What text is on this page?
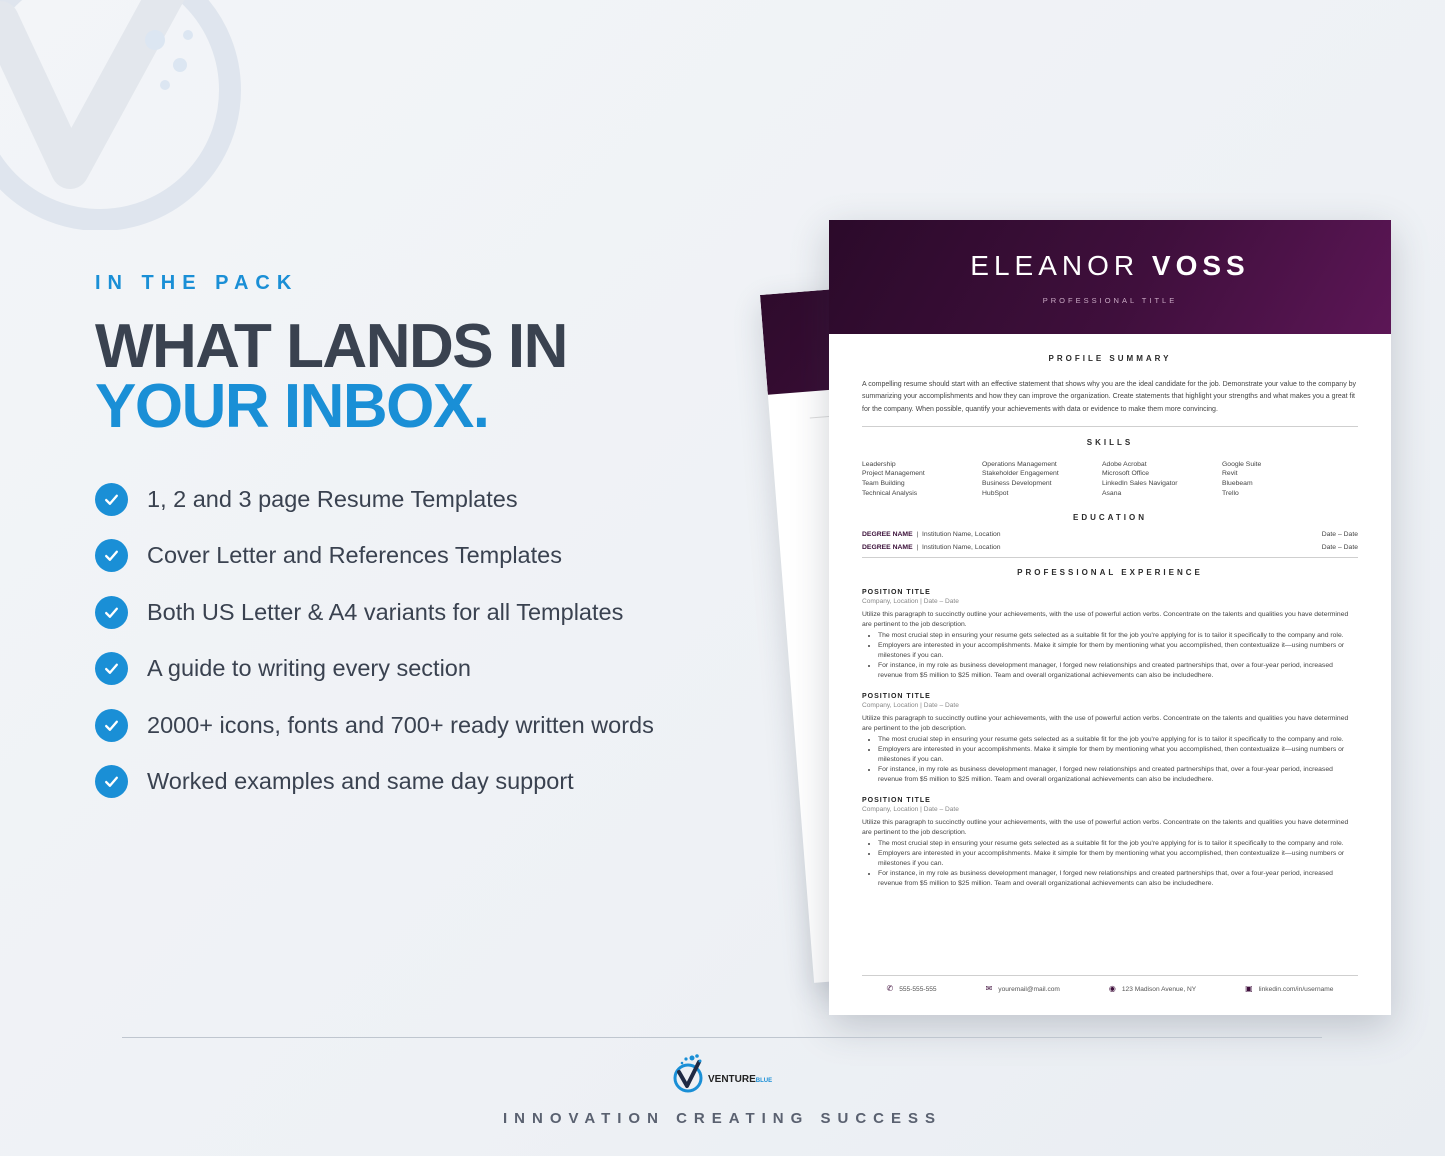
IN THE PACK
WHAT LANDS IN
YOUR INBOX.
1, 2 and 3 page Resume Templates
Cover Letter and References Templates
Both US Letter & A4 variants for all Templates
A guide to writing every section
2000+ icons, fonts and 700+ ready written words
Worked examples and same day support
ELEANOR VOSS
PROFESSIONAL TITLE
PROFILE SUMMARY

A compelling resume should start with an effective statement that shows why you are the ideal candidate for the job. Demonstrate your value to the company by summarizing your accomplishments and how they can improve the organization. Create statements that highlight your strengths and what makes you a great fit for the company. When possible, quantify your achievements with data or evidence to make them more convincing.

SKILLS
Leadership	Operations Management	Adobe Acrobat	Google Suite
Project Management	Stakeholder Engagement	Microsoft Office	Revit
Team Building	Business Development	LinkedIn Sales Navigator	Bluebeam
Technical Analysis	HubSpot	Asana	Trello
EDUCATION
DEGREE NAME  |  Institution Name, Location	Date – Date
DEGREE NAME  |  Institution Name, Location	Date – Date
PROFESSIONAL EXPERIENCE
POSITION TITLE
Company, Location | Date – Date
Utilize this paragraph to succinctly outline your achievements, with the use of powerful action verbs. Concentrate on the talents and qualities you have determined are pertinent to the job description.
• The most crucial step in ensuring your resume gets selected as a suitable fit for the job you're applying for is to tailor it specifically to the company and role.
• Employers are interested in your accomplishments. Make it simple for them by mentioning what you accomplished, then contextualize it—using numbers or milestones if you can.
• For instance, in my role as business development manager, I forged new relationships and created partnerships that, over a four-year period, increased revenue from $5 million to $25 million. Team and overall organizational achievements can also be includedhere.
POSITION TITLE
Company, Location | Date – Date
Utilize this paragraph to succinctly outline your achievements, with the use of powerful action verbs. Concentrate on the talents and qualities you have determined are pertinent to the job description.
• The most crucial step in ensuring your resume gets selected as a suitable fit for the job you're applying for is to tailor it specifically to the company and role.
• Employers are interested in your accomplishments. Make it simple for them by mentioning what you accomplished, then contextualize it—using numbers or milestones if you can.
• For instance, in my role as business development manager, I forged new relationships and created partnerships that, over a four-year period, increased revenue from $5 million to $25 million. Team and overall organizational achievements can also be includedhere.
POSITION TITLE
Company, Location | Date – Date
Utilize this paragraph to succinctly outline your achievements, with the use of powerful action verbs. Concentrate on the talents and qualities you have determined are pertinent to the job description.
• The most crucial step in ensuring your resume gets selected as a suitable fit for the job you're applying for is to tailor it specifically to the company and role.
• Employers are interested in your accomplishments. Make it simple for them by mentioning what you accomplished, then contextualize it—using numbers or milestones if you can.
• For instance, in my role as business development manager, I forged new relationships and created partnerships that, over a four-year period, increased revenue from $5 million to $25 million. Team and overall organizational achievements can also be includedhere.
✆ 555-555-555	✉ youremail@mail.com	◉ 123 Madison Avenue, NY	▣ linkedin.com/in/username
VENTUREBLUE
INNOVATION CREATING SUCCESS
